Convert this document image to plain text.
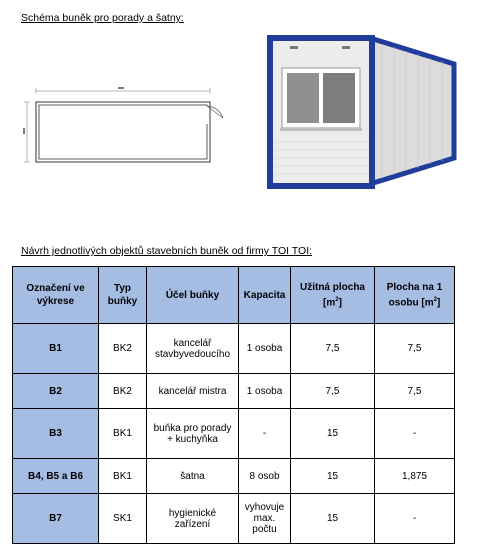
Schéma buněk pro porady a šatny:
Návrh jednotlivých objektů stavebních buněk od firmy TOI TOI:
Označení ve výkrese	Typ buňky	Účel buňky	Kapacita	Užitná plocha $[m^2]$	Plocha na 1 osobu $[m^2]$
B1	BK2	kancelář stavbyvedoucího	1 osoba	7,5	7,5
B2	BK2	kancelář mistra	1 osoba	7,5	7,5
B3	BK1	buňka pro porady + kuchyňka	-	15	-
B4, B5 a B6	BK1	šatna	8 osob	15	1,875
B7	SK1	hygienické zařízení	vyhovuje max. počtu	15	-
